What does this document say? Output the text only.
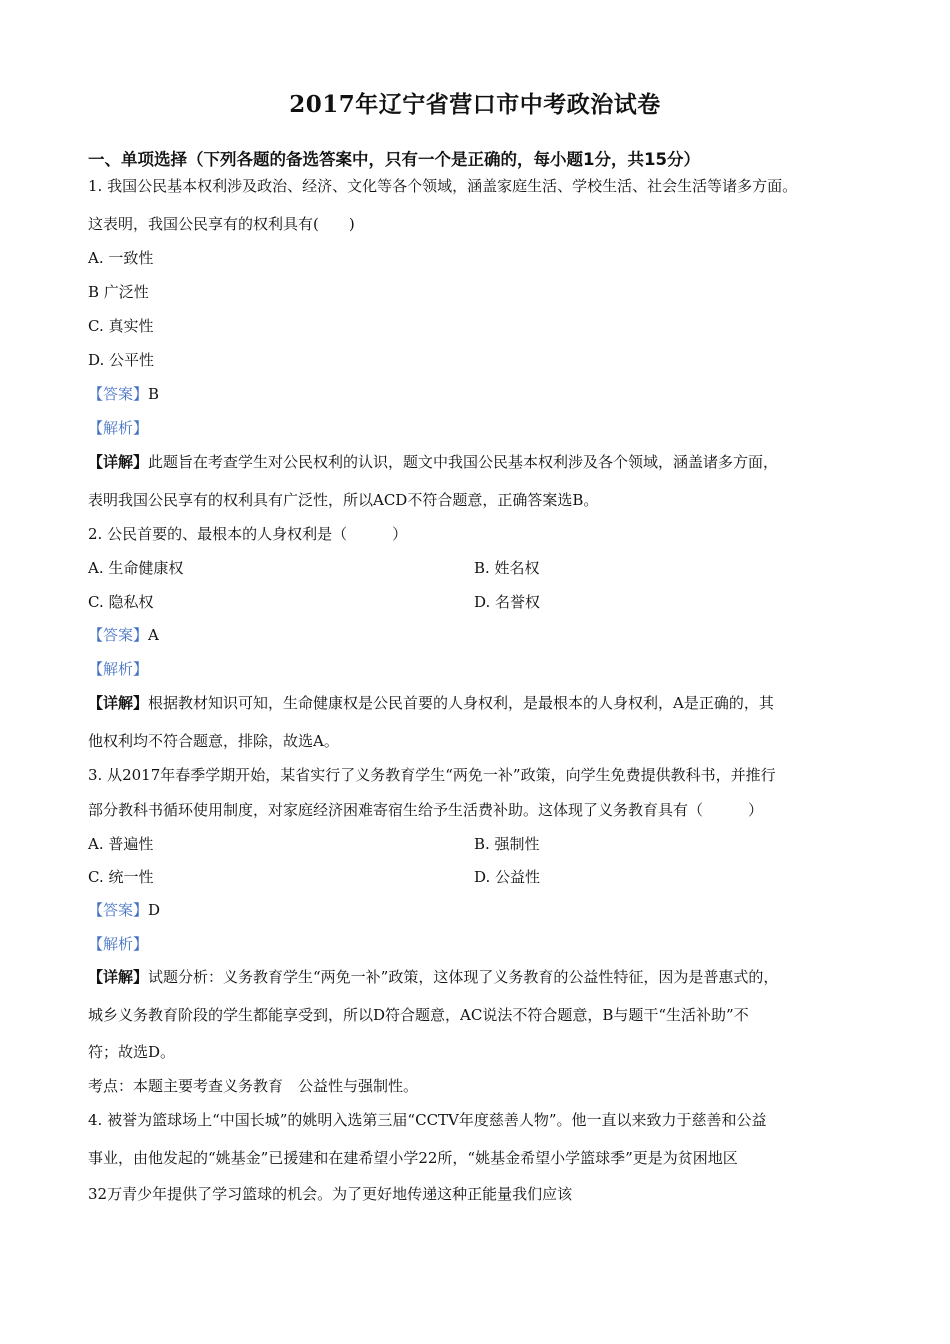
2017年辽宁省营口市中考政治试卷
一、单项选择（下列各题的备选答案中，只有一个是正确的，每小题1分，共15分）
1. 我国公民基本权利涉及政治、经济、文化等各个领域，涵盖家庭生活、学校生活、社会生活等诸多方面。
这表明，我国公民享有的权利具有(　　)
A. 一致性
B 广泛性
C. 真实性
D. 公平性
【答案】B
【解析】
【详解】此题旨在考查学生对公民权利的认识，题文中我国公民基本权利涉及各个领域，涵盖诸多方面，
表明我国公民享有的权利具有广泛性，所以ACD不符合题意，正确答案选B。
2. 公民首要的、最根本的人身权利是（　　　）
A. 生命健康权	B. 姓名权
C. 隐私权	D. 名誉权
【答案】A
【解析】
【详解】根据教材知识可知，生命健康权是公民首要的人身权利，是最根本的人身权利，A是正确的，其
他权利均不符合题意，排除，故选A。
3. 从2017年春季学期开始，某省实行了义务教育学生“两免一补”政策，向学生免费提供教科书，并推行
部分教科书循环使用制度，对家庭经济困难寄宿生给予生活费补助。这体现了义务教育具有（　　　）
A. 普遍性	B. 强制性
C. 统一性	D. 公益性
【答案】D
【解析】
【详解】试题分析：义务教育学生“两免一补”政策，这体现了义务教育的公益性特征，因为是普惠式的，
城乡义务教育阶段的学生都能享受到，所以D符合题意，AC说法不符合题意，B与题干“生活补助”不
符；故选D。
考点：本题主要考查义务教育　公益性与强制性。
4. 被誉为篮球场上“中国长城”的姚明入选第三届“CCTV年度慈善人物”。他一直以来致力于慈善和公益
事业，由他发起的“姚基金”已援建和在建希望小学22所，“姚基金希望小学篮球季”更是为贫困地区
32万青少年提供了学习篮球的机会。为了更好地传递这种正能量我们应该
